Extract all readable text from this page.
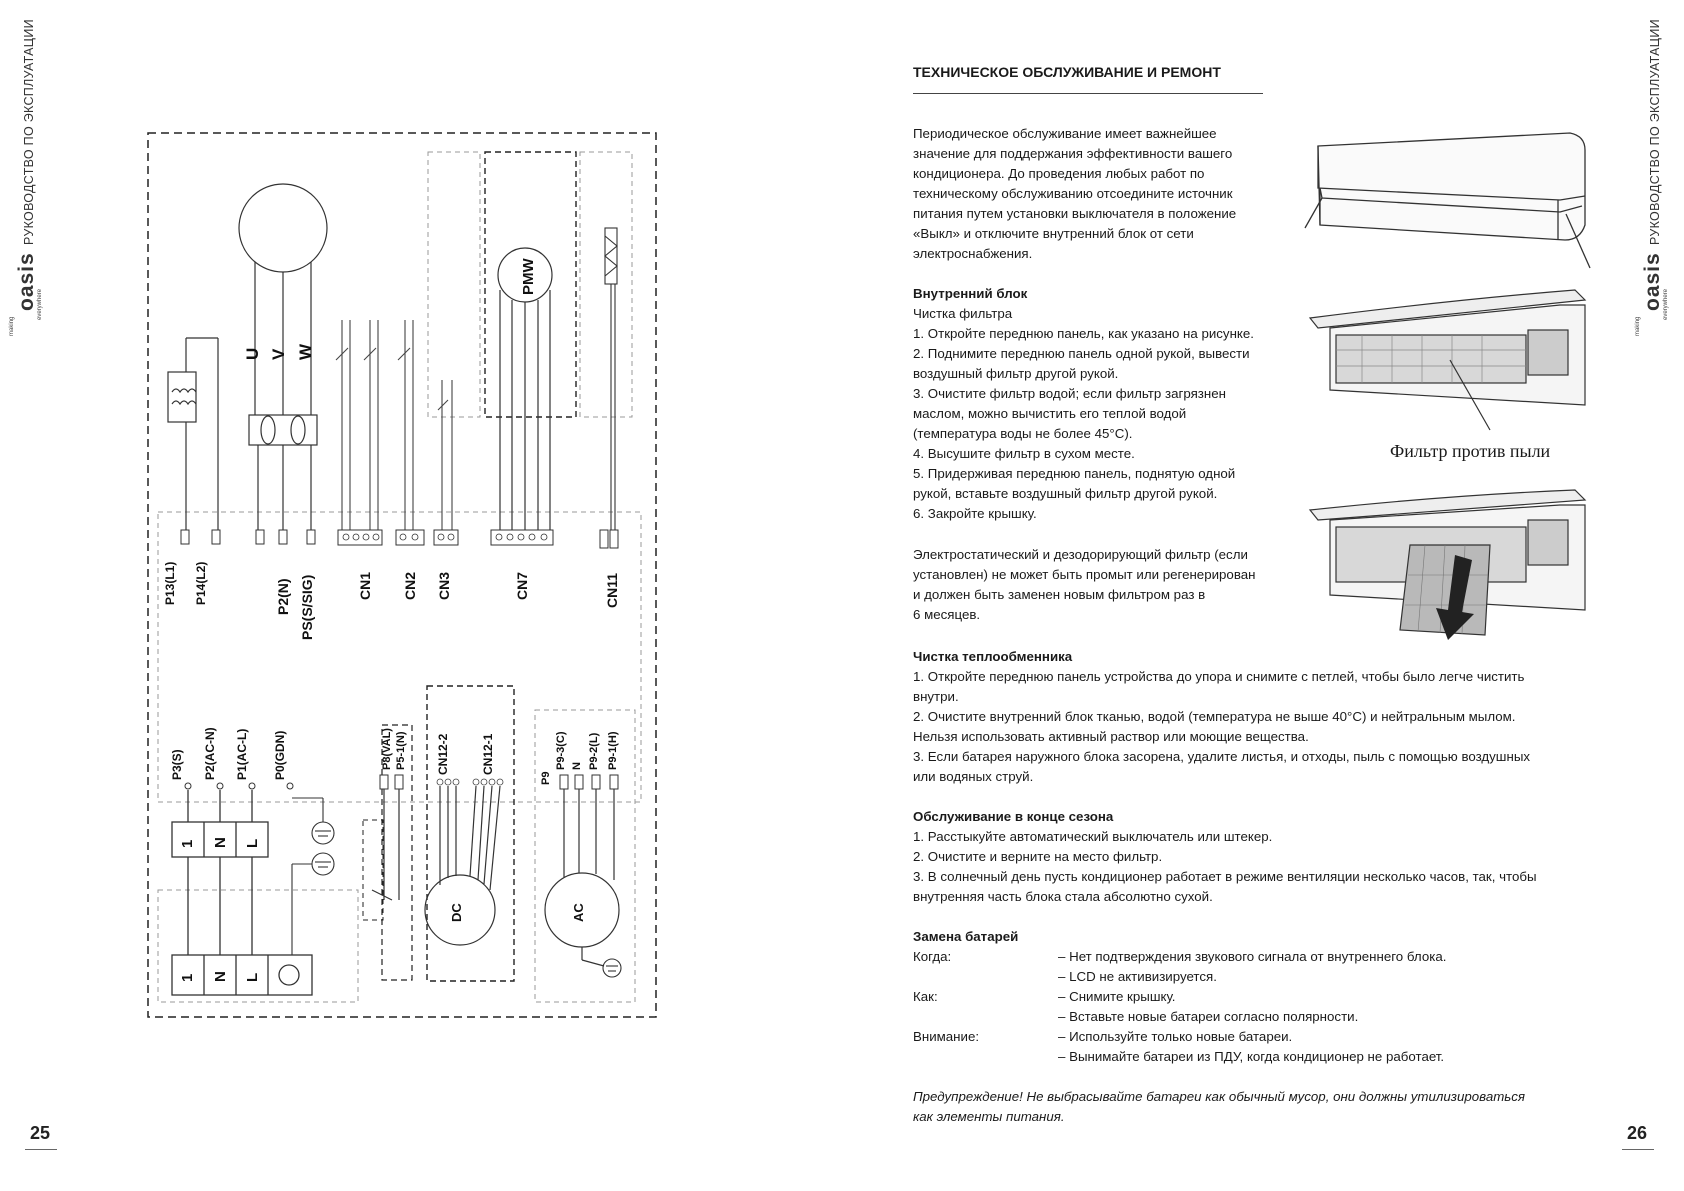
РУКОВОДСТВО ПО ЭКСПЛУАТАЦИИ
oasis
making
everywhere
25
U V W
PMW
P13(L1) P14(L2)	P2(N) PS(S/SIG)	CN1 CN2 CN3	CN7	CN11
P3(S) P2(AC-N) P1(AC-L) P0(GDN)	P8(VAL) P5-1(N) CN12-2	CN12-1
P9
P9-3(C) N P9-2(L) P9-1(H)
1 N L
1 N L
DC	AC
РУКОВОДСТВО ПО ЭКСПЛУАТАЦИИ
oasis
making
everywhere
26
ТЕХНИЧЕСКОЕ ОБСЛУЖИВАНИЕ И РЕМОНТ
Периодическое обслуживание имеет важнейшее
значение для поддержания эффективности вашего
кондиционера. До проведения любых работ по
техническому обслуживанию отсоедините источник
питания путем установки выключателя в положение
«Выкл» и отключите внутренний блок от сети
электроснабжения.
Внутренний блок
Чистка фильтра
1. Откройте переднюю панель, как указано на рисунке.
2. Поднимите переднюю панель одной рукой, вывести
воздушный фильтр другой рукой.
3. Очистите фильтр водой; если фильтр загрязнен
маслом, можно вычистить его теплой водой
(температура воды не более 45°С).
4. Высушите фильтр в сухом месте.
5. Придерживая переднюю панель, поднятую одной
рукой, вставьте воздушный фильтр другой рукой.
6. Закройте крышку.
Электростатический и дезодорирующий фильтр (если
установлен) не может быть промыт или регенерирован
и должен быть заменен новым фильтром раз в
6 месяцев.
Фильтр против пыли
Чистка теплообменника
1. Откройте переднюю панель устройства до упора и снимите с петлей, чтобы было легче чистить
внутри.
2. Очистите внутренний блок тканью, водой (температура не выше 40°С) и нейтральным мылом.
Нельзя использовать активный раствор или моющие вещества.
3. Если батарея наружного блока засорена, удалите листья, и отходы, пыль с помощью воздушных
или водяных струй.
Обслуживание в конце сезона
1. Расстыкуйте автоматический выключатель или штекер.
2. Очистите и верните на место фильтр.
3. В солнечный день пусть кондиционер работает в режиме вентиляции несколько часов, так, чтобы
внутренняя часть блока стала абсолютно сухой.
Замена батарей
Когда:	– Нет подтверждения звукового сигнала от внутреннего блока.
– LCD не активизируется.
Как:	– Снимите крышку.
– Вставьте новые батареи согласно полярности.
Внимание:	– Используйте только новые батареи.
– Вынимайте батареи из ПДУ, когда кондиционер не работает.
Предупреждение! Не выбрасывайте батареи как обычный мусор, они должны утилизироваться
как элементы питания.
